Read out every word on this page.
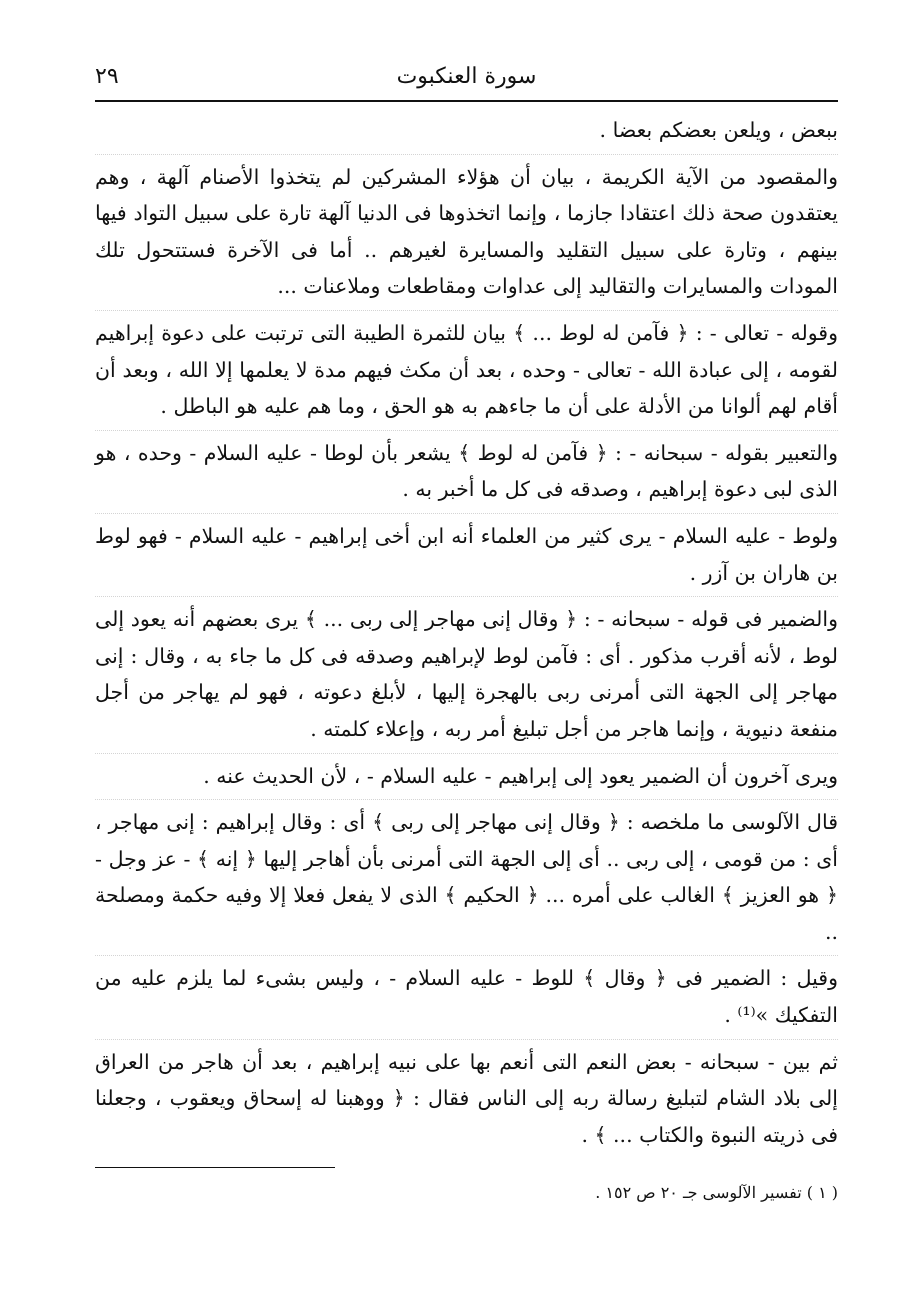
سورة العنكبوت
٢٩

ببعض ، ويلعن بعضكم بعضا .

والمقصود من الآية الكريمة ، بيان أن هؤلاء المشركين لم يتخذوا الأصنام آلهة ، وهم يعتقدون صحة ذلك اعتقادا جازما ، وإنما اتخذوها فى الدنيا آلهة تارة على سبيل التواد فيها بينهم ، وتارة على سبيل التقليد والمسايرة لغيرهم .. أما فى الآخرة فستتحول تلك المودات والمسايرات والتقاليد إلى عداوات ومقاطعات وملاعنات ...

وقوله - تعالى - : ﴿ فآمن له لوط ... ﴾ بيان للثمرة الطيبة التى ترتبت على دعوة إبراهيم لقومه ، إلى عبادة الله - تعالى - وحده ، بعد أن مكث فيهم مدة لا يعلمها إلا الله ، وبعد أن أقام لهم ألوانا من الأدلة على أن ما جاءهم به هو الحق ، وما هم عليه هو الباطل .

والتعبير بقوله - سبحانه - : ﴿ فآمن له لوط ﴾ يشعر بأن لوطا - عليه السلام - وحده ، هو الذى لبى دعوة إبراهيم ، وصدقه فى كل ما أخبر به .

ولوط - عليه السلام - يرى كثير من العلماء أنه ابن أخى إبراهيم - عليه السلام - فهو لوط بن هاران بن آزر .

والضمير فى قوله - سبحانه - : ﴿ وقال إنى مهاجر إلى ربى ... ﴾ يرى بعضهم أنه يعود إلى لوط ، لأنه أقرب مذكور . أى : فآمن لوط لإبراهيم وصدقه فى كل ما جاء به ، وقال : إنى مهاجر إلى الجهة التى أمرنى ربى بالهجرة إليها ، لأبلغ دعوته ، فهو لم يهاجر من أجل منفعة دنيوية ، وإنما هاجر من أجل تبليغ أمر ربه ، وإعلاء كلمته .

ويرى آخرون أن الضمير يعود إلى إبراهيم - عليه السلام - ، لأن الحديث عنه .

قال الآلوسى ما ملخصه : ﴿ وقال إنى مهاجر إلى ربى ﴾ أى : وقال إبراهيم : إنى مهاجر ، أى : من قومى ، إلى ربى .. أى إلى الجهة التى أمرنى بأن أهاجر إليها ﴿ إنه ﴾ - عز وجل - ﴿ هو العزيز ﴾ الغالب على أمره ... ﴿ الحكيم ﴾ الذى لا يفعل فعلا إلا وفيه حكمة ومصلحة ..

وقيل : الضمير فى ﴿ وقال ﴾ للوط - عليه السلام - ، وليس بشىء لما يلزم عليه من التفكيك »⁽¹⁾ .

ثم بين - سبحانه - بعض النعم التى أنعم بها على نبيه إبراهيم ، بعد أن هاجر من العراق إلى بلاد الشام لتبليغ رسالة ربه إلى الناس فقال : ﴿ ووهبنا له إسحاق ويعقوب ، وجعلنا فى ذريته النبوة والكتاب ... ﴾ .

( ١ ) تفسير الآلوسى جـ ٢٠ ص ١٥٢ .
